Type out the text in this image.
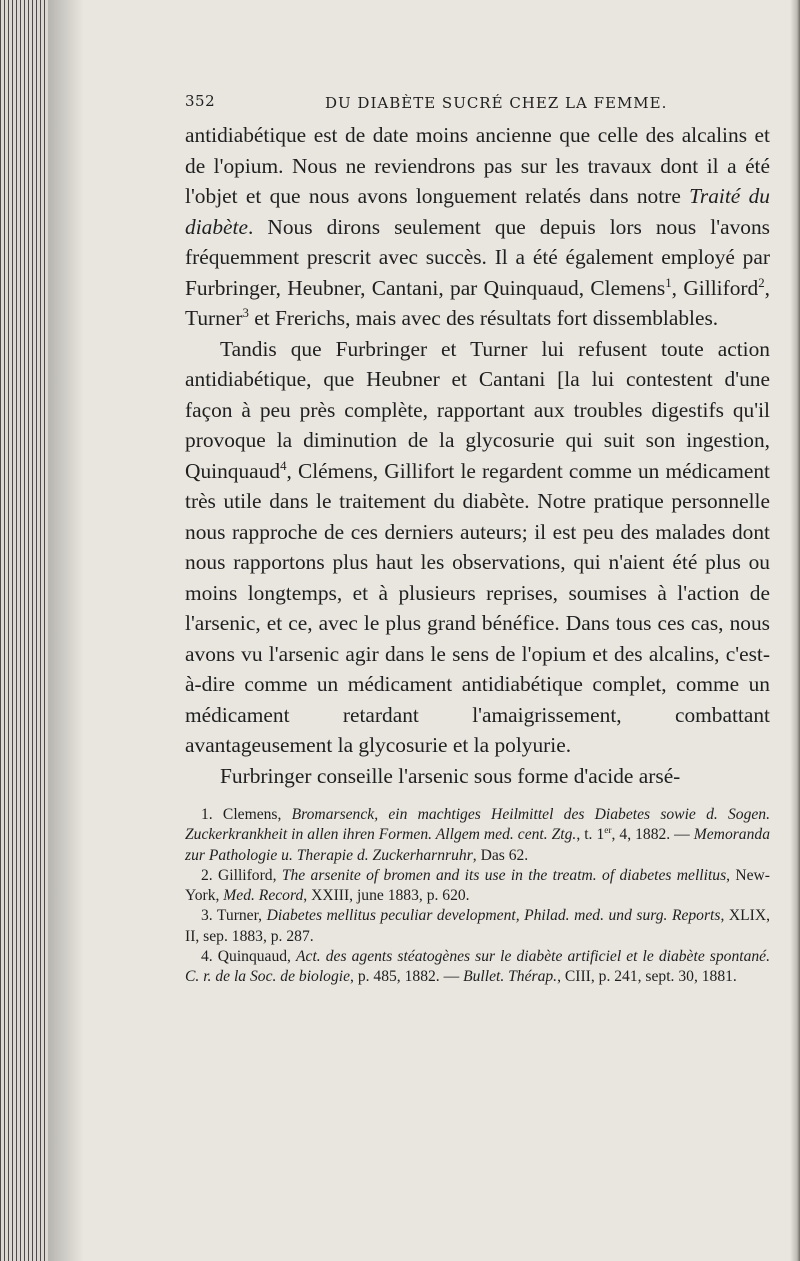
352	DU DIABÈTE SUCRÉ CHEZ LA FEMME.

antidiabétique est de date moins ancienne que celle des alcalins et de l'opium. Nous ne reviendrons pas sur les travaux dont il a été l'objet et que nous avons longuement relatés dans notre Traité du diabète. Nous dirons seulement que depuis lors nous l'avons fréquemment prescrit avec succès. Il a été également employé par Furbringer, Heubner, Cantani, par Quinquaud, Clemens$^1$, Gilliford$^2$, Turner$^3$ et Frerichs, mais avec des résultats fort dissemblables.

Tandis que Furbringer et Turner lui refusent toute action antidiabétique, que Heubner et Cantani [la lui contestent d'une façon à peu près complète, rapportant aux troubles digestifs qu'il provoque la diminution de la glycosurie qui suit son ingestion, Quinquaud$^4$, Clémens, Gillifort le regardent comme un médicament très utile dans le traitement du diabète. Notre pratique personnelle nous rapproche de ces derniers auteurs; il est peu des malades dont nous rapportons plus haut les observations, qui n'aient été plus ou moins longtemps, et à plusieurs reprises, soumises à l'action de l'arsenic, et ce, avec le plus grand bénéfice. Dans tous ces cas, nous avons vu l'arsenic agir dans le sens de l'opium et des alcalins, c'est-à-dire comme un médicament antidiabétique complet, comme un médicament retardant l'amaigrissement, combattant avantageusement la glycosurie et la polyurie.

Furbringer conseille l'arsenic sous forme d'acide arsé-

1. Clemens, Bromarsenck, ein machtiges Heilmittel des Diabetes sowie d. Sogen. Zuckerkrankheit in allen ihren Formen. Allgem med. cent. Ztg., t. 1er, 4, 1882. — Memoranda zur Pathologie u. Therapie d. Zuckerharnruhr, Das 62.

2. Gilliford, The arsenite of bromen and its use in the treatm. of diabetes mellitus, New-York, Med. Record, XXIII, june 1883, p. 620.

3. Turner, Diabetes mellitus peculiar development, Philad. med. und surg. Reports, XLIX, II, sep. 1883, p. 287.

4. Quinquaud, Act. des agents stéatogènes sur le diabète artificiel et le diabète spontané. C. r. de la Soc. de biologie, p. 485, 1882. — Bullet. Thérap., CIII, p. 241, sept. 30, 1881.
